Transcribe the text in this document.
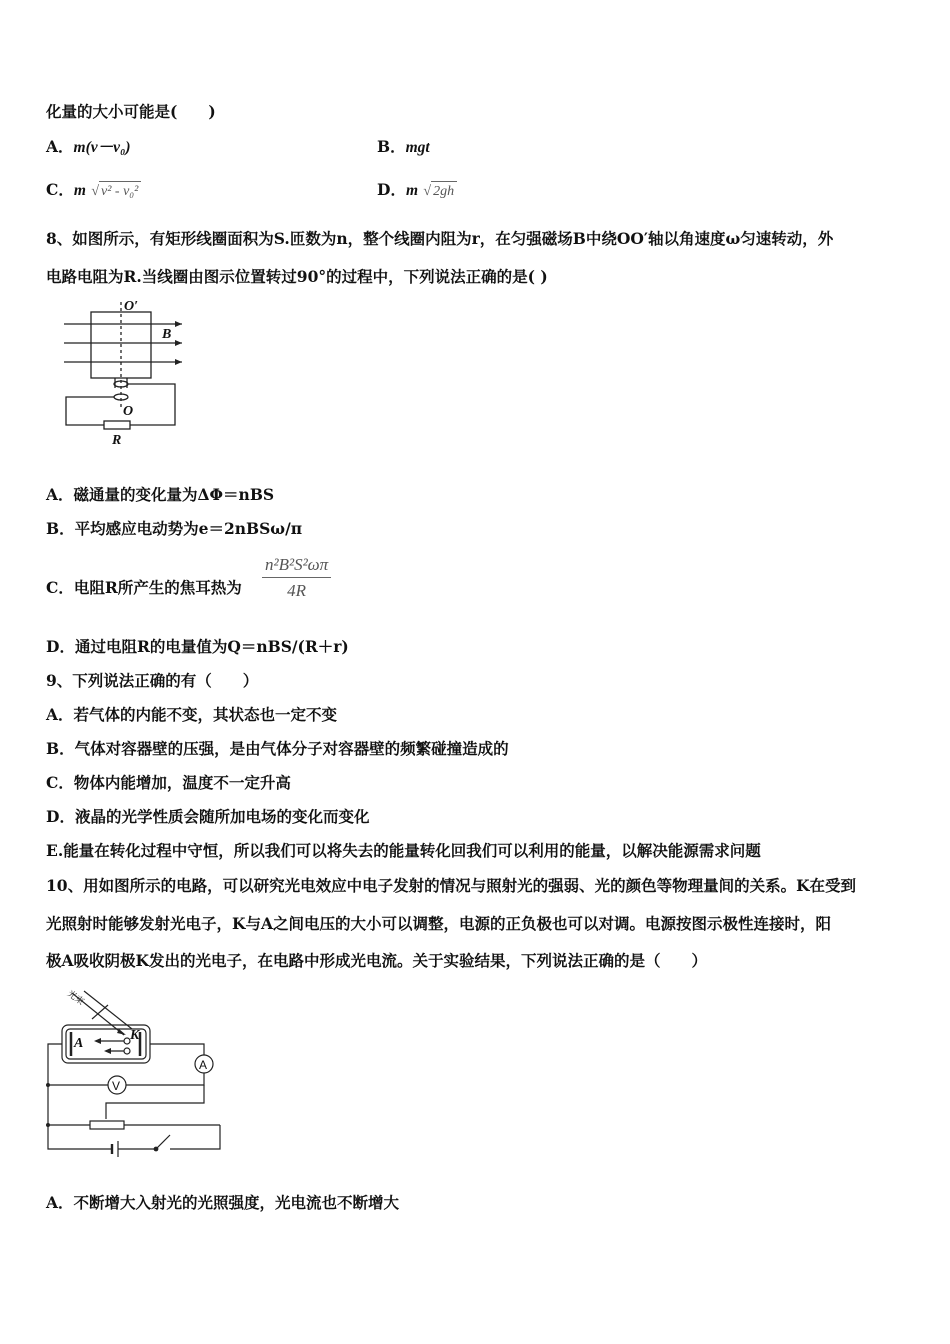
化量的大小可能是(　　)
A．m(v－v₀)	B．mgt
C．m √ v² - v₀²	D．m √ 2gh
8、如图所示，有矩形线圈面积为S.匝数为n，整个线圈内阻为r，在匀强磁场B中绕OO′轴以角速度ω匀速转动，外
电路电阻为R.当线圈由图示位置转过90°的过程中，下列说法正确的是( )
O′
B
O
R
A．磁通量的变化量为ΔΦ＝nBS
B．平均感应电动势为e＝2nBSω/π
C．电阻R所产生的焦耳热为 $\frac{\text{n²B²S²ωπ}}{4R}$
D．通过电阻R的电量值为Q＝nBS/(R＋r)
9、下列说法正确的有（　　）
A．若气体的内能不变，其状态也一定不变
B．气体对容器壁的压强，是由气体分子对容器壁的频繁碰撞造成的
C．物体内能增加，温度不一定升高
D．液晶的光学性质会随所加电场的变化而变化
E.能量在转化过程中守恒，所以我们可以将失去的能量转化回我们可以利用的能量，以解决能源需求问题
10、用如图所示的电路，可以研究光电效应中电子发射的情况与照射光的强弱、光的颜色等物理量间的关系。K在受到
光照射时能够发射光电子，K与A之间电压的大小可以调整，电源的正负极也可以对调。电源按图示极性连接时，阳
极A吸收阴极K发出的光电子，在电路中形成光电流。关于实验结果，下列说法正确的是（　　）
光束
A
K
A
V
A．不断增大入射光的光照强度，光电流也不断增大
